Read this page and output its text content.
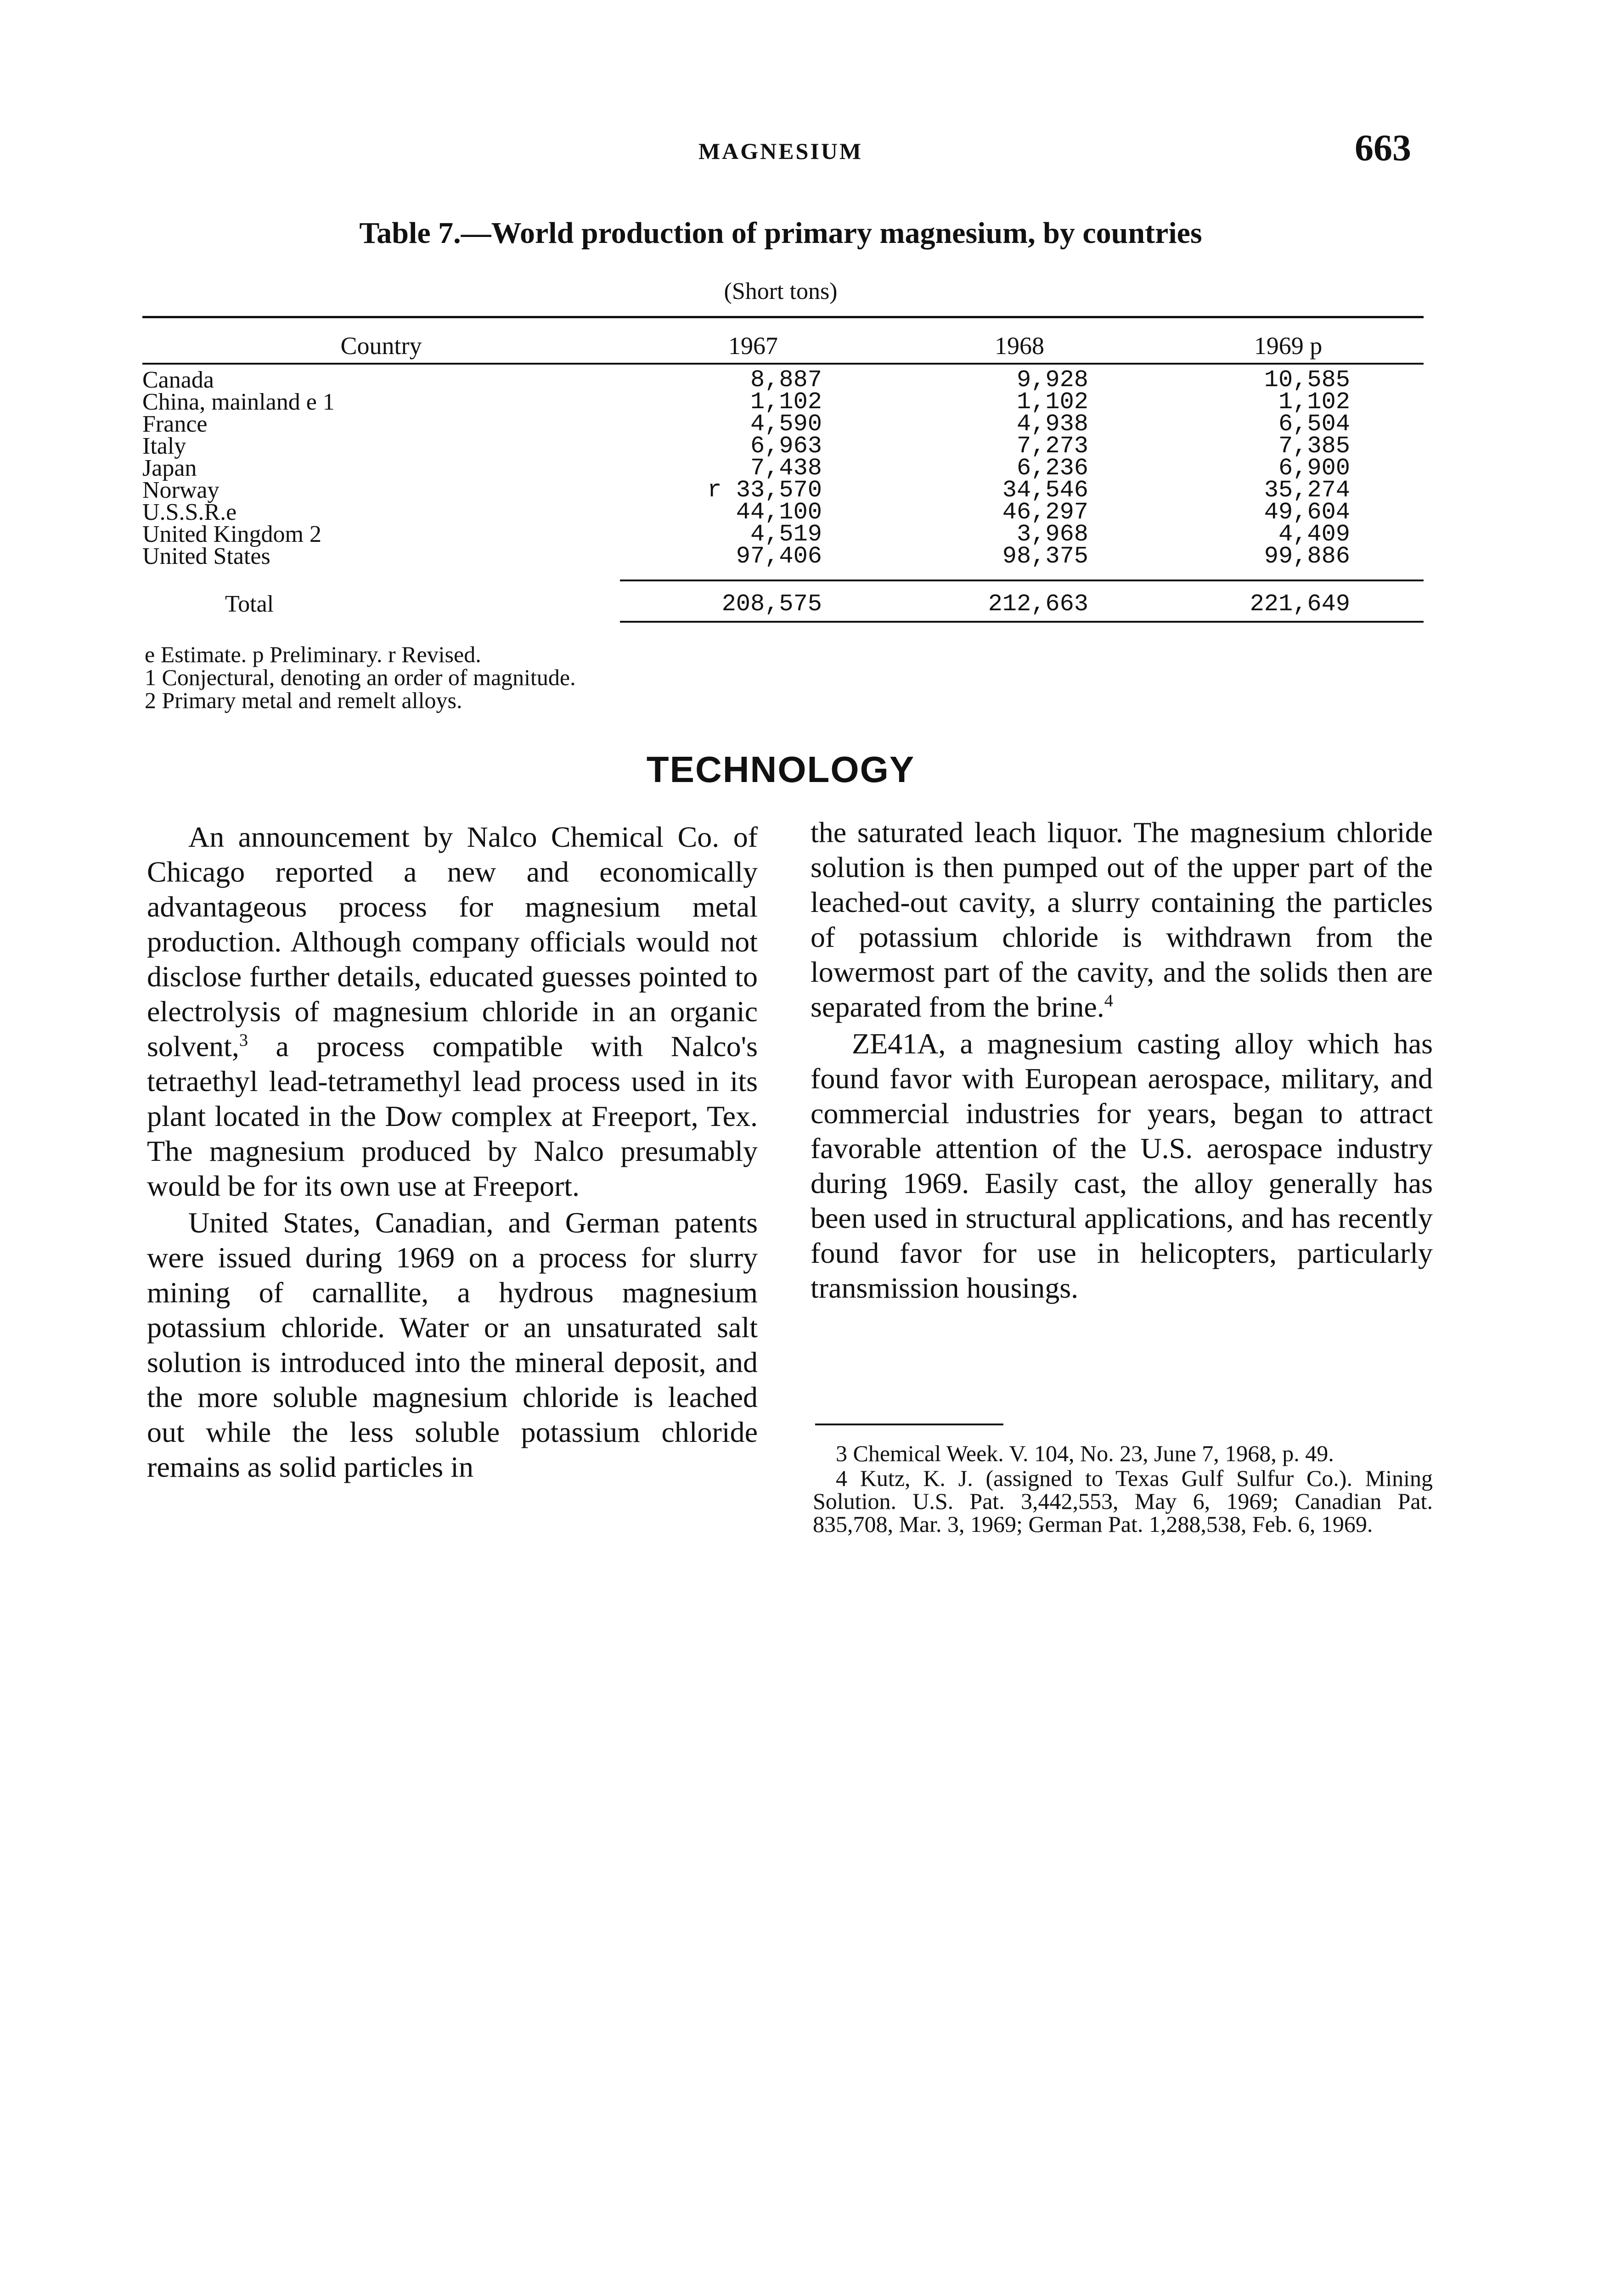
MAGNESIUM	663
Table 7.—World production of primary magnesium, by countries
(Short tons)
Country	1967	1968	1969 p
Canada	8,887	9,928	10,585
China, mainland e 1	1,102	1,102	1,102
France	4,590	4,938	6,504
Italy	6,963	7,273	7,385
Japan	7,438	6,236	6,900
Norway	r 33,570	34,546	35,274
U.S.S.R.e	44,100	46,297	49,604
United Kingdom 2	4,519	3,968	4,409
United States	97,406	98,375	99,886
Total	208,575	212,663	221,649
e Estimate. p Preliminary. r Revised.
1 Conjectural, denoting an order of magnitude.
2 Primary metal and remelt alloys.
TECHNOLOGY

An announcement by Nalco Chemical Co. of Chicago reported a new and economically advantageous process for magnesium metal production. Although company officials would not disclose further details, educated guesses pointed to electrolysis of magnesium chloride in an organic solvent,$^3$ a process compatible with Nalco's tetraethyl lead-tetramethyl lead process used in its plant located in the Dow complex at Freeport, Tex. The magnesium produced by Nalco presumably would be for its own use at Freeport.

United States, Canadian, and German patents were issued during 1969 on a process for slurry mining of carnallite, a hydrous magnesium potassium chloride. Water or an unsaturated salt solution is introduced into the mineral deposit, and the more soluble magnesium chloride is leached out while the less soluble potassium chloride remains as solid particles in

the saturated leach liquor. The magnesium chloride solution is then pumped out of the upper part of the leached-out cavity, a slurry containing the particles of potassium chloride is withdrawn from the lowermost part of the cavity, and the solids then are separated from the brine.$^4$

ZE41A, a magnesium casting alloy which has found favor with European aerospace, military, and commercial industries for years, began to attract favorable attention of the U.S. aerospace industry during 1969. Easily cast, the alloy generally has been used in structural applications, and has recently found favor for use in helicopters, particularly transmission housings.

3 Chemical Week. V. 104, No. 23, June 7, 1968, p. 49.

4 Kutz, K. J. (assigned to Texas Gulf Sulfur Co.). Mining Solution. U.S. Pat. 3,442,553, May 6, 1969; Canadian Pat. 835,708, Mar. 3, 1969; German Pat. 1,288,538, Feb. 6, 1969.
